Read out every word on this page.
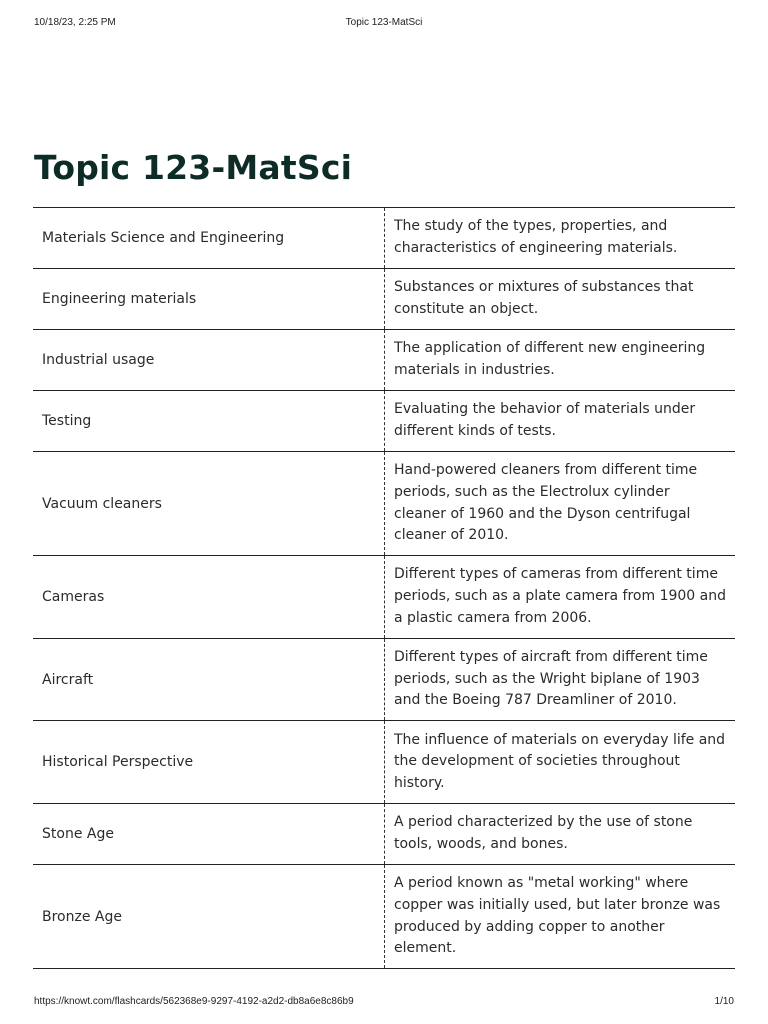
10/18/23, 2:25 PM	Topic 123-MatSci
Topic 123-MatSci
Materials Science and Engineering	The study of the types, properties, and characteristics of engineering materials.
Engineering materials	Substances or mixtures of substances that constitute an object.
Industrial usage	The application of different new engineering materials in industries.
Testing	Evaluating the behavior of materials under different kinds of tests.
Vacuum cleaners	Hand-powered cleaners from different time periods, such as the Electrolux cylinder cleaner of 1960 and the Dyson centrifugal cleaner of 2010.
Cameras	Different types of cameras from different time periods, such as a plate camera from 1900 and a plastic camera from 2006.
Aircraft	Different types of aircraft from different time periods, such as the Wright biplane of 1903 and the Boeing 787 Dreamliner of 2010.
Historical Perspective	The influence of materials on everyday life and the development of societies throughout history.
Stone Age	A period characterized by the use of stone tools, woods, and bones.
Bronze Age	A period known as "metal working" where copper was initially used, but later bronze was produced by adding copper to another element.
https://knowt.com/flashcards/562368e9-9297-4192-a2d2-db8a6e8c86b9	1/10
